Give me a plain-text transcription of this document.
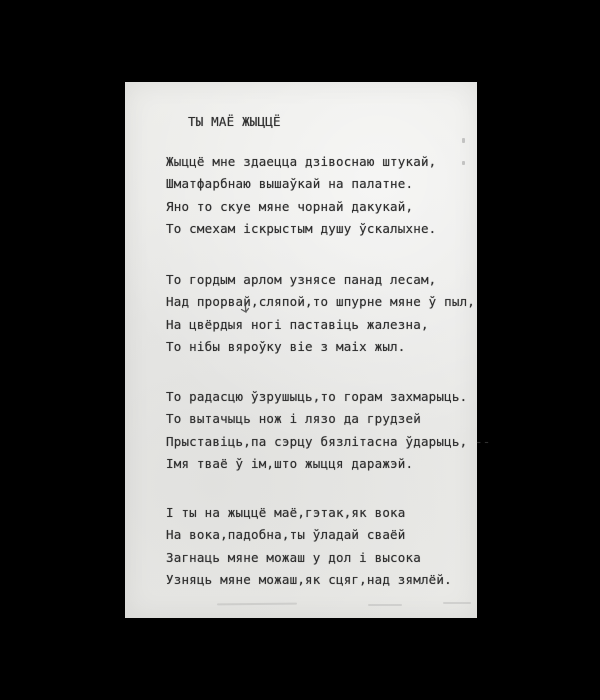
ТЫ МАЁ ЖЫЦЦЁ
Жыццё мне здаецца дзівоснаю штукай,
Шматфарбнаю вышаўкай на палатне.
Яно то скуе мяне чорнай дакукай,
То смехам іскрыстым душу ўскалыхне.
То гордым арлом узнясе панад лесам,
Над прорвай,сляпой,то шпурне мяне ў пыл,
На цвёрдыя ногі паставіць жалезна,
То нібы вяроўку віе з маіх жыл.
То радасцю ўзрушыць,то горам захмарыць.
То вытачыць нож і лязо да грудзей
Прыставіць,па сэрцу бязлітасна ўдарыць, --
Імя тваё ў ім,што жыцця даражэй.
І ты на жыццё маё,гэтак,як вока
На вока,падобна,ты ўладай сваёй
Загнаць мяне можаш у дол і высока
Узняць мяне можаш,як сцяг,над зямлёй.
